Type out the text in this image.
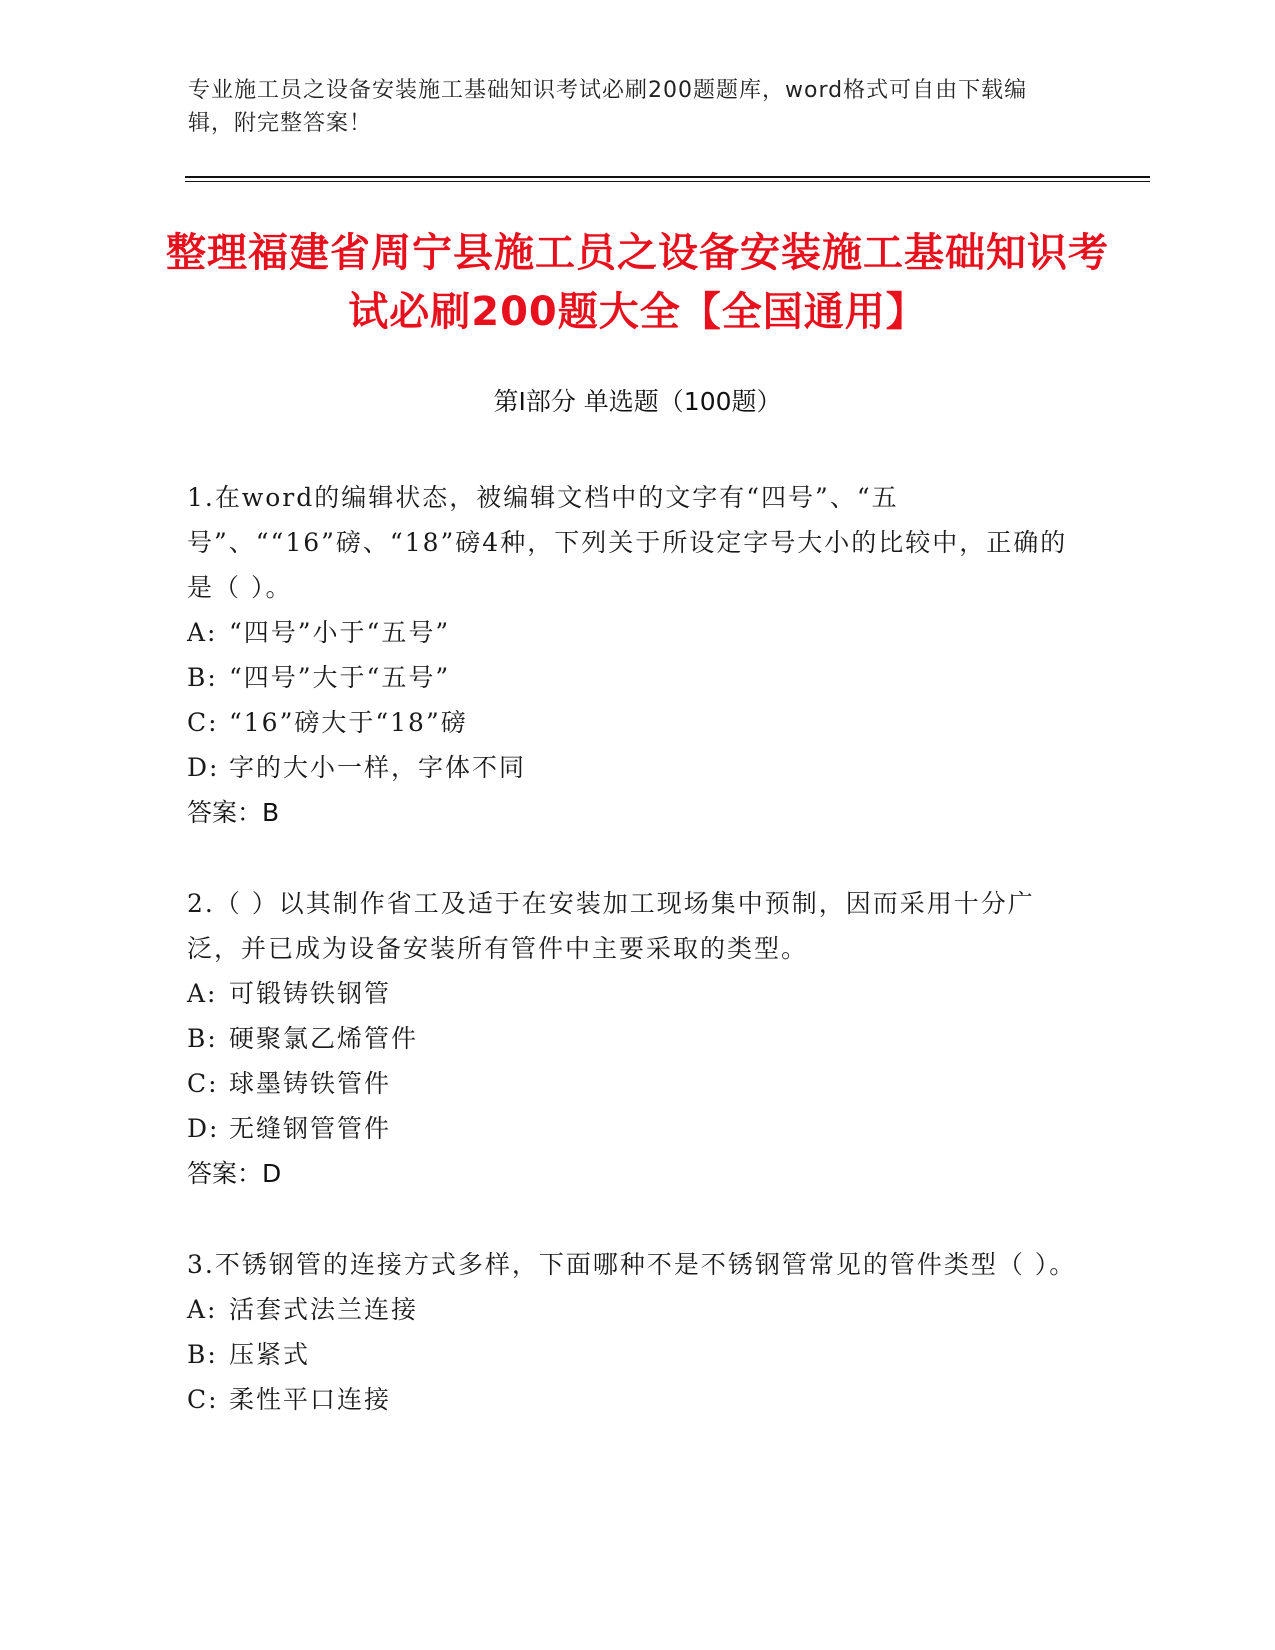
专业施工员之设备安装施工基础知识考试必刷200题题库，word格式可自由下载编辑，附完整答案！
整理福建省周宁县施工员之设备安装施工基础知识考试必刷200题大全【全国通用】
第Ⅰ部分 单选题（100题）
1.在word的编辑状态，被编辑文档中的文字有“四号”、“五号”、““16”磅、“18”磅4种，下列关于所设定字号大小的比较中，正确的是（ ）。
A: “四号”小于“五号”
B: “四号”大于“五号”
C: “16”磅大于“18”磅
D: 字的大小一样，字体不同
答案：B
2.（ ）以其制作省工及适于在安装加工现场集中预制，因而采用十分广泛，并已成为设备安装所有管件中主要采取的类型。
A: 可锻铸铁钢管
B: 硬聚氯乙烯管件
C: 球墨铸铁管件
D: 无缝钢管管件
答案：D
3.不锈钢管的连接方式多样，下面哪种不是不锈钢管常见的管件类型（ ）。
A: 活套式法兰连接
B: 压紧式
C: 柔性平口连接
